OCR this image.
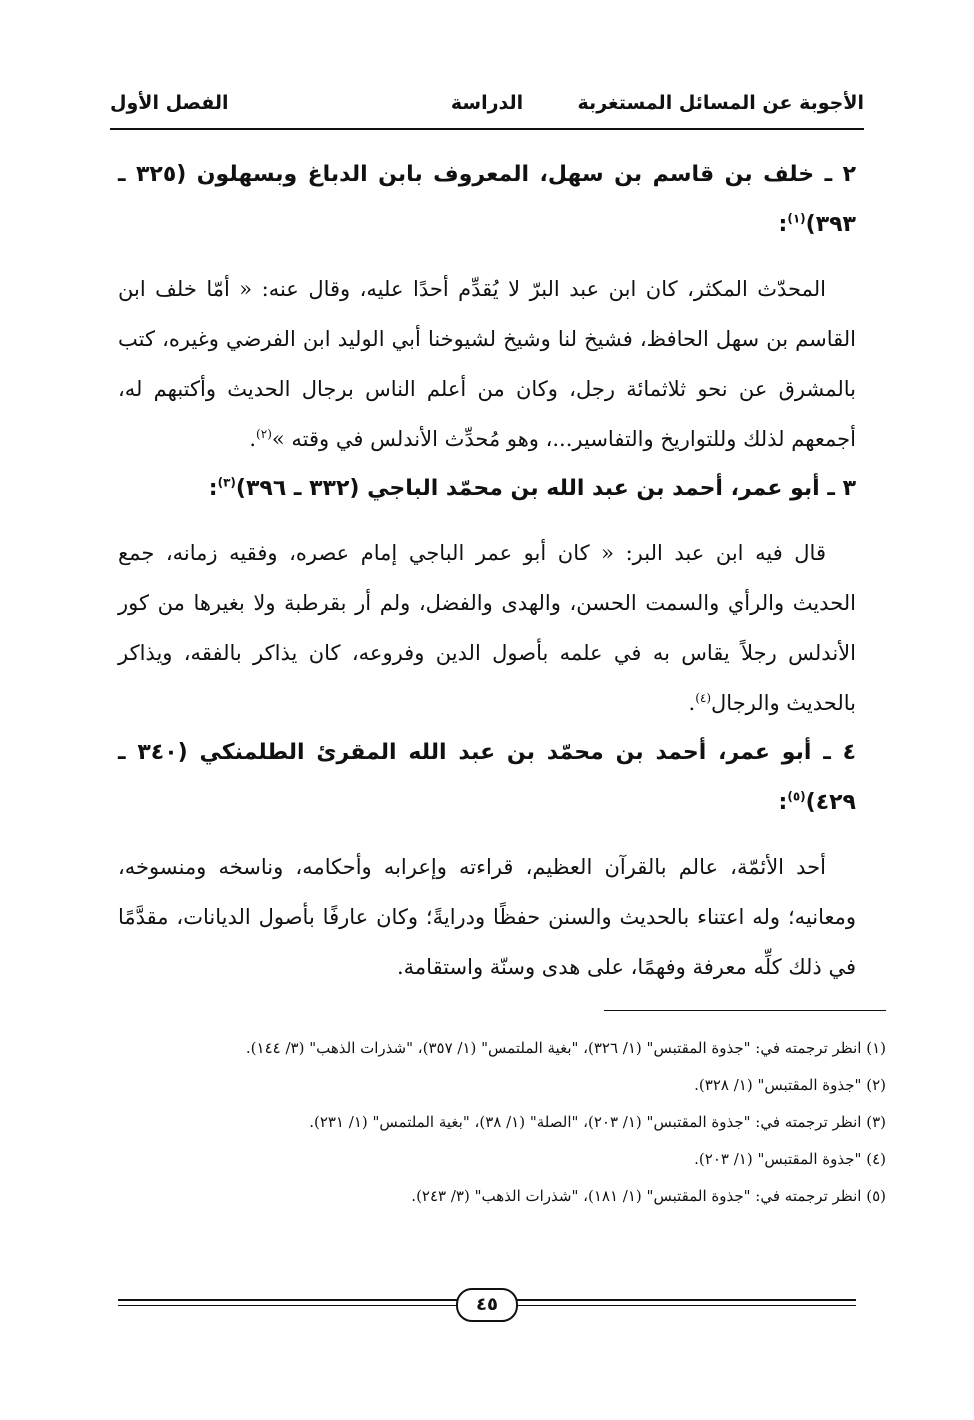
الأجوبة عن المسائل المستغربة
الدراسة
الفصل الأول
٢ ـ خلف بن قاسم بن سهل، المعروف بابن الدباغ وبسهلون (٣٢٥ ـ ٣٩٣)$^{(١)}$:

المحدّث المكثر، كان ابن عبد البرّ لا يُقدِّم أحدًا عليه، وقال عنه: « أمّا خلف ابن القاسم بن سهل الحافظ، فشيخ لنا وشيخ لشيوخنا أبي الوليد ابن الفرضي وغيره، كتب بالمشرق عن نحو ثلاثمائة رجل، وكان من أعلم الناس برجال الحديث وأكتبهم له، أجمعهم لذلك وللتواريخ والتفاسير...، وهو مُحدِّث الأندلس في وقته »$^{(٢)}$.

٣ ـ أبو عمر، أحمد بن عبد الله بن محمّد الباجي (٣٣٢ ـ ٣٩٦)$^{(٣)}$:

قال فيه ابن عبد البر: « كان أبو عمر الباجي إمام عصره، وفقيه زمانه، جمع الحديث والرأي والسمت الحسن، والهدى والفضل، ولم أر بقرطبة ولا بغيرها من كور الأندلس رجلاً يقاس به في علمه بأصول الدين وفروعه، كان يذاكر بالفقه، ويذاكر بالحديث والرجال$^{(٤)}$.

٤ ـ أبو عمر، أحمد بن محمّد بن عبد الله المقرئ الطلمنكي (٣٤٠ ـ ٤٢٩)$^{(٥)}$:

أحد الأئمّة، عالم بالقرآن العظيم، قراءته وإعرابه وأحكامه، وناسخه ومنسوخه، ومعانيه؛ وله اعتناء بالحديث والسنن حفظًا ودرايةً؛ وكان عارفًا بأصول الديانات، مقدَّمًا في ذلك كلِّه معرفة وفهمًا، على هدى وسنّة واستقامة.

(١) انظر ترجمته في: "جذوة المقتبس" (١/ ٣٢٦)، "بغية الملتمس" (١/ ٣٥٧)، "شذرات الذهب" (٣/ ١٤٤).

(٢) "جذوة المقتبس" (١/ ٣٢٨).

(٣) انظر ترجمته في: "جذوة المقتبس" (١/ ٢٠٣)، "الصلة" (١/ ٣٨)، "بغية الملتمس" (١/ ٢٣١).

(٤) "جذوة المقتبس" (١/ ٢٠٣).

(٥) انظر ترجمته في: "جذوة المقتبس" (١/ ١٨١)، "شذرات الذهب" (٣/ ٢٤٣).

٤٥
